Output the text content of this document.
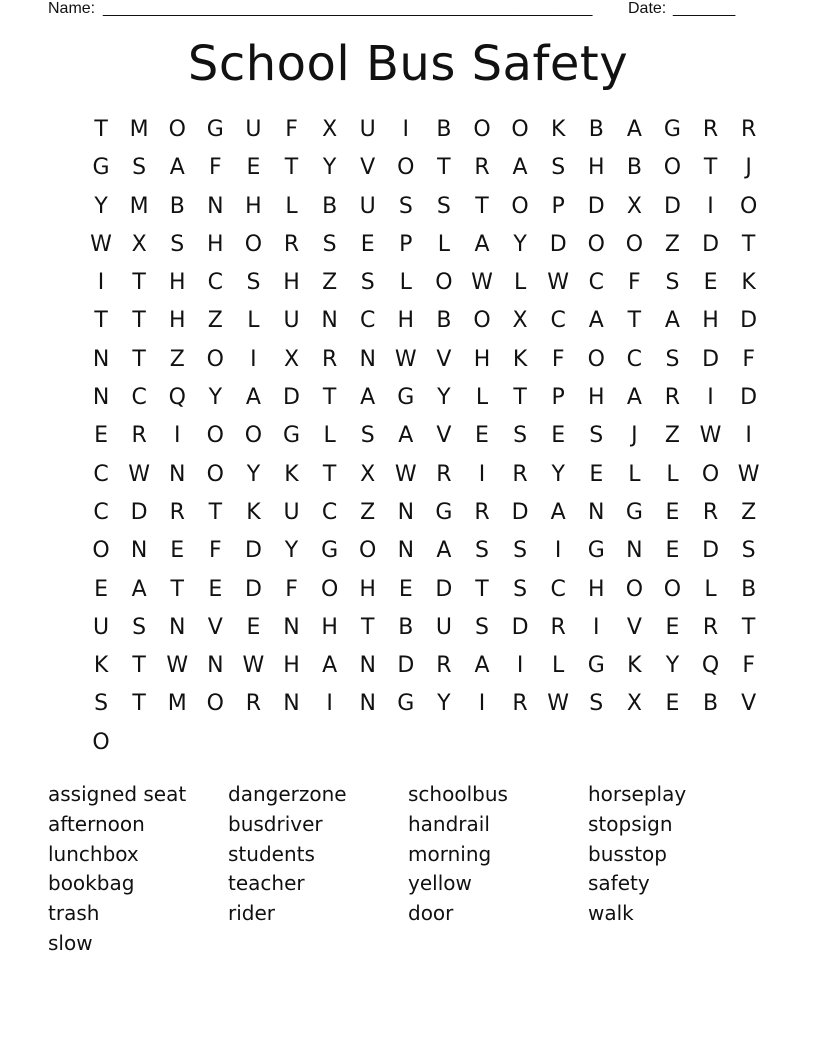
Name: _______________________________________________________ Date: _______
School Bus Safety
T M O G U	F	X	U	I	B O O	K	B	A	G R	R
G	S	A	F	E	T	Y	V O	T	R	A	S	H	B O	T	J
Y M B	N H	L	B	U	S	S	T	O	P	D	X	D	I	O
W X	S	H O R	S	E	P	L	A	Y	D O O Z	D	T
I	T	H	C	S	H	Z	S	L	O W L W C	F	S	E	K
T	T	H	Z	L	U N	C	H	B O X	C	A	T	A	H D
N	T	Z O	I	X	R	N W V	H	K	F	O C	S	D	F
N	C Q	Y	A	D	T	A	G	Y	L	T	P	H	A	R	I	D
E	R	I	O O G	L	S	A	V	E	S	E	S	J	Z W	I
C W N O	Y	K	T	X W R	I	R	Y	E	L	L	O W
C D R	T	K	U	C	Z	N G R D	A	N G	E	R	Z
O N	E	F	D	Y	G O N	A	S	S	I	G N	E	D	S
E	A	T	E	D	F	O H	E	D	T	S	C	H O O	L	B
U	S	N	V	E	N H	T	B	U	S	D R	I	V	E	R	T
K	T W N W H	A	N D R	A	I	L	G	K	Y	Q	F
S	T M O R	N	I	N G	Y	I	R W S	X	E	B	V
O
assigned seat	dangerzone	schoolbus	horseplay
afternoon	busdriver	handrail	stopsign
lunchbox	students	morning	busstop
bookbag	teacher	yellow	safety
trash	rider	door	walk
slow
